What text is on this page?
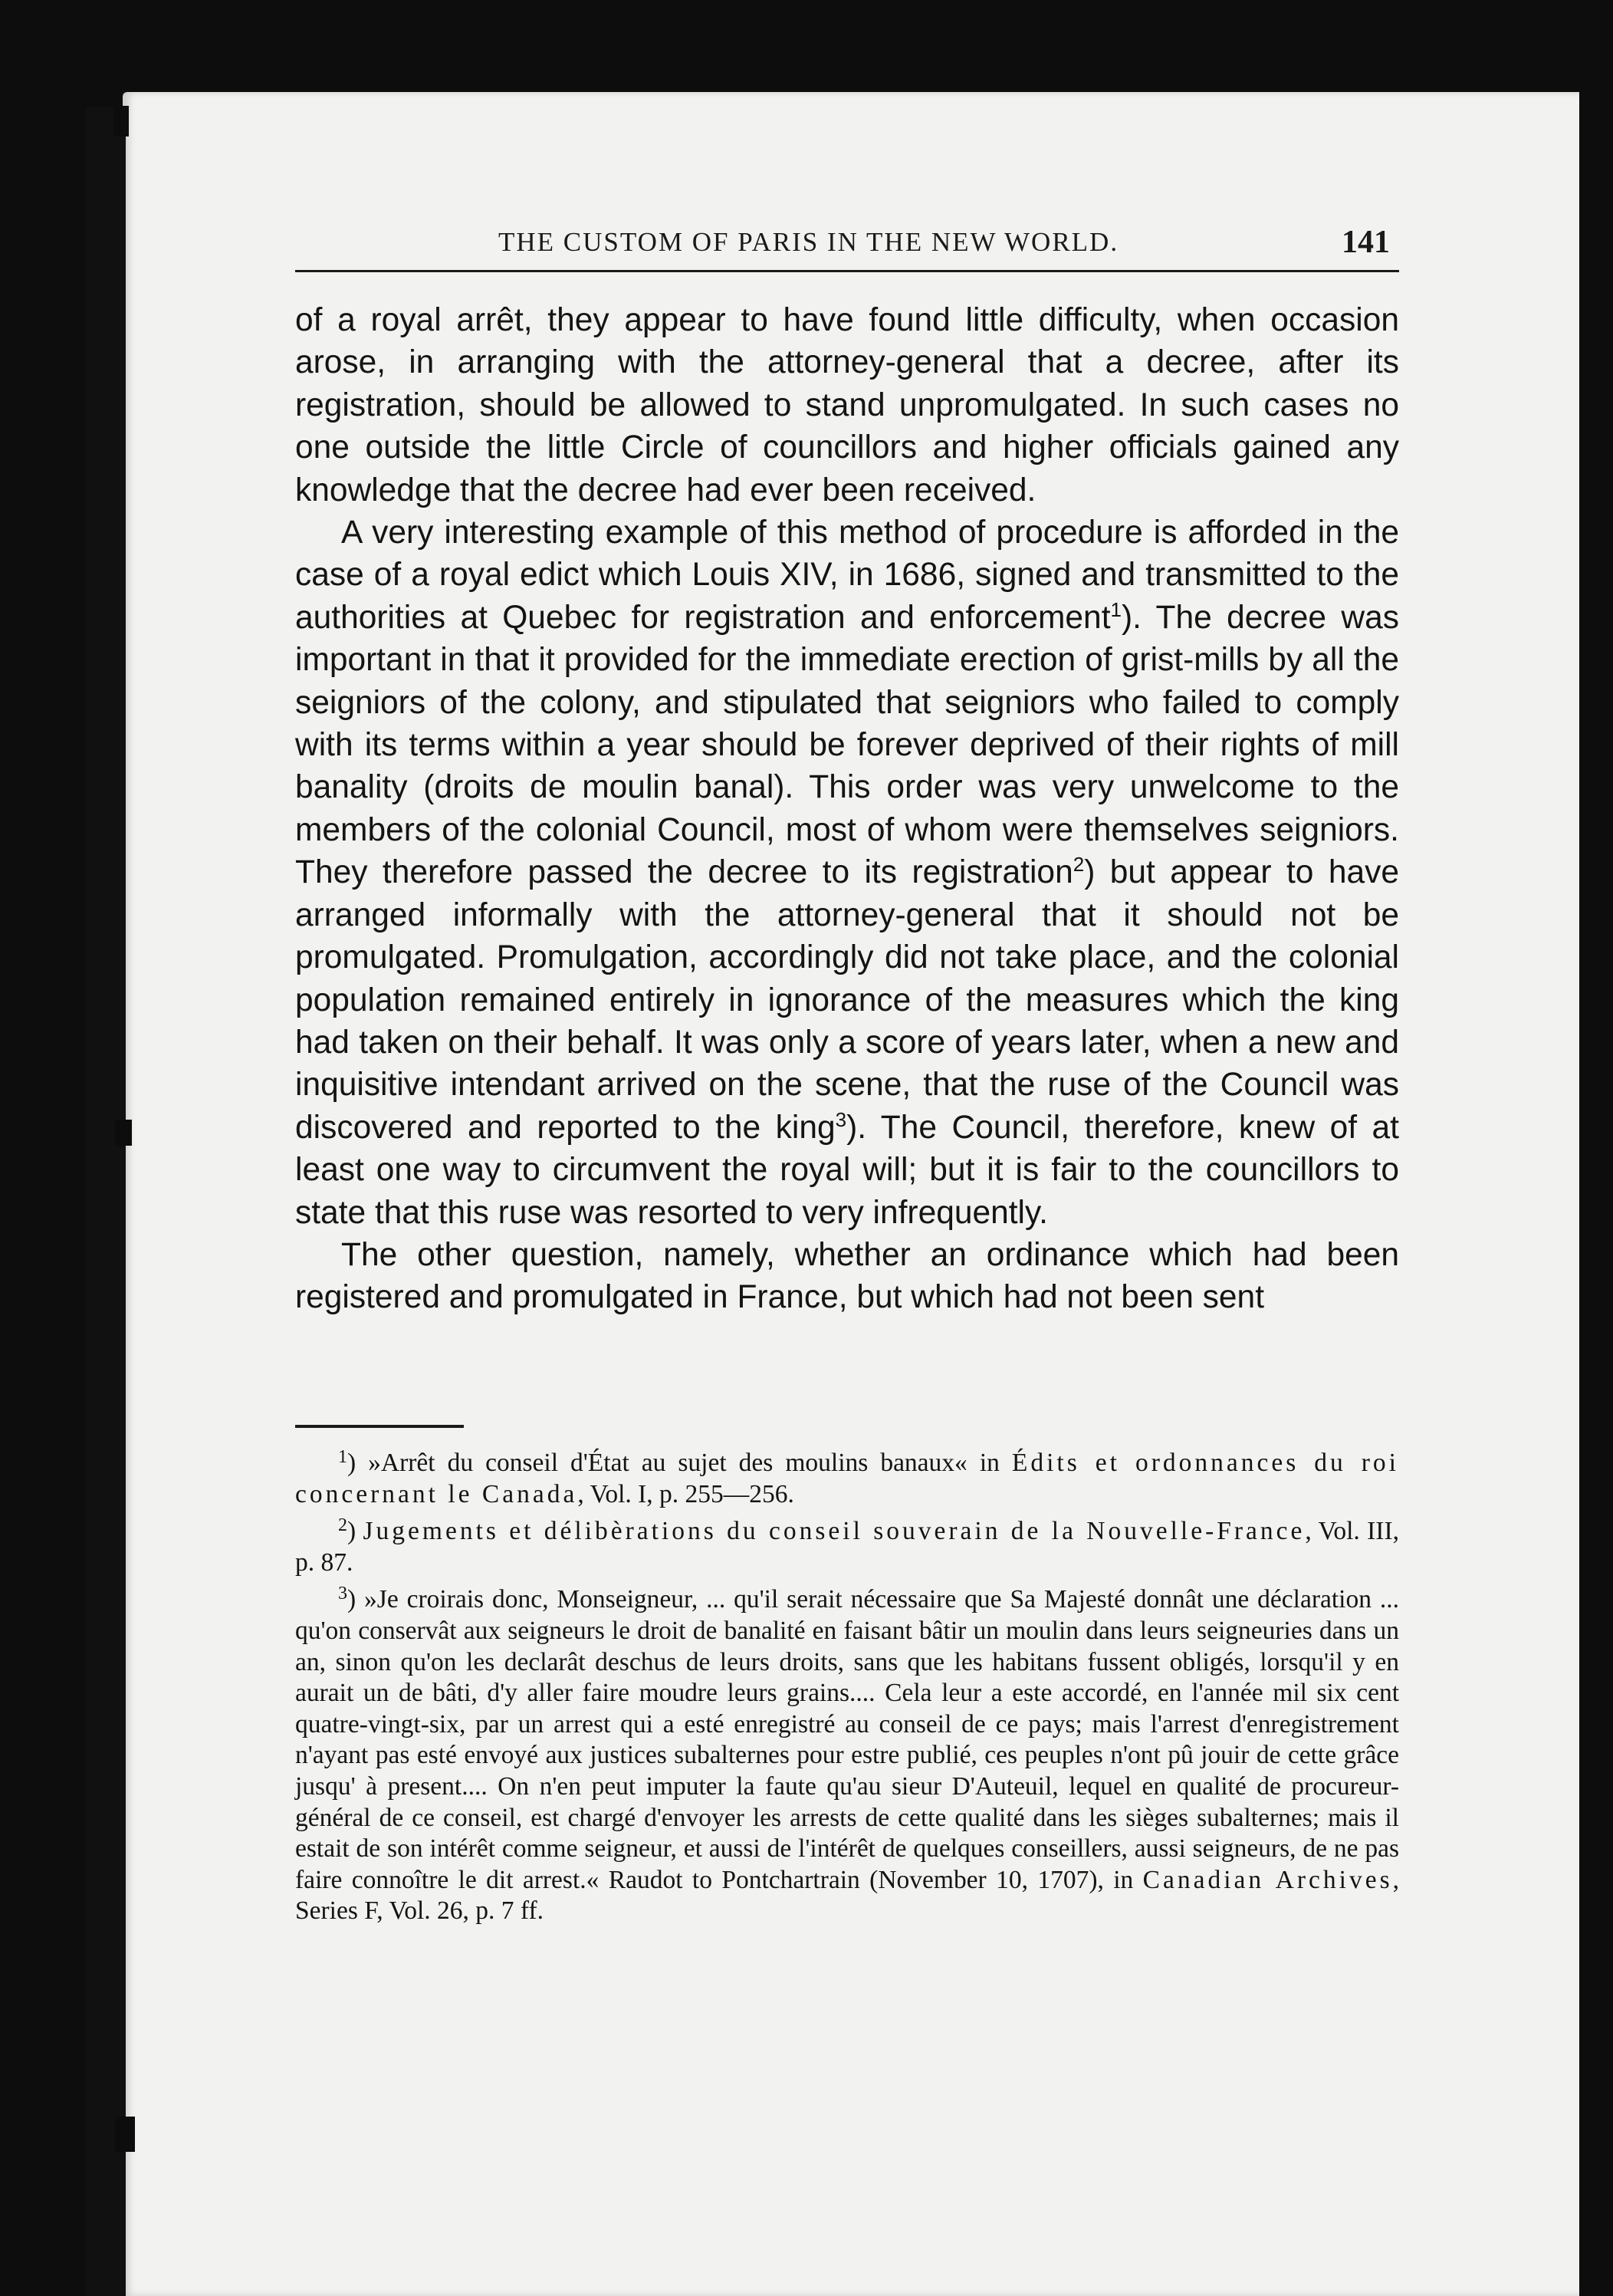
THE CUSTOM OF PARIS IN THE NEW WORLD.	141

of a royal arrêt, they appear to have found little difficulty, when occasion arose, in arranging with the attorney-general that a decree, after its registration, should be allowed to stand unpromulgated. In such cases no one outside the little Circle of councillors and higher officials gained any knowledge that the decree had ever been received.

A very interesting example of this method of procedure is afforded in the case of a royal edict which Louis XIV, in 1686, signed and transmitted to the authorities at Quebec for registration and enforcement$^1$). The decree was important in that it provided for the immediate erection of grist-mills by all the seigniors of the colony, and stipulated that seigniors who failed to comply with its terms within a year should be forever deprived of their rights of mill banality (droits de moulin banal). This order was very unwelcome to the members of the colonial Council, most of whom were themselves seigniors. They therefore passed the decree to its registration$^2$) but appear to have arranged informally with the attorney-general that it should not be promulgated. Promulgation, accordingly did not take place, and the colonial population remained entirely in ignorance of the measures which the king had taken on their behalf. It was only a score of years later, when a new and inquisitive intendant arrived on the scene, that the ruse of the Council was discovered and reported to the king$^3$). The Council, therefore, knew of at least one way to circumvent the royal will; but it is fair to the councillors to state that this ruse was resorted to very infrequently.

The other question, namely, whether an ordinance which had been registered and promulgated in France, but which had not been sent

$^1$) »Arrêt du conseil d'État au sujet des moulins banaux« in Édits et ordonnances du roi concernant le Canada, Vol. I, p. 255—256.

$^2$) Jugements et délibèrations du conseil souverain de la Nouvelle-France, Vol. III, p. 87.

$^3$) »Je croirais donc, Monseigneur, ... qu'il serait nécessaire que Sa Majesté donnât une déclaration ... qu'on conservât aux seigneurs le droit de banalité en faisant bâtir un moulin dans leurs seigneuries dans un an, sinon qu'on les declarât deschus de leurs droits, sans que les habitans fussent obligés, lorsqu'il y en aurait un de bâti, d'y aller faire moudre leurs grains.... Cela leur a este accordé, en l'année mil six cent quatre-vingt-six, par un arrest qui a esté enregistré au conseil de ce pays; mais l'arrest d'enregistrement n'ayant pas esté envoyé aux justices subalternes pour estre publié, ces peuples n'ont pû jouir de cette grâce jusqu' à present.... On n'en peut imputer la faute qu'au sieur D'Auteuil, lequel en qualité de procureur-général de ce conseil, est chargé d'envoyer les arrests de cette qualité dans les sièges subalternes; mais il estait de son intérêt comme seigneur, et aussi de l'intérêt de quelques conseillers, aussi seigneurs, de ne pas faire connoître le dit arrest.« Raudot to Pontchartrain (November 10, 1707), in Canadian Archives, Series F, Vol. 26, p. 7 ff.
